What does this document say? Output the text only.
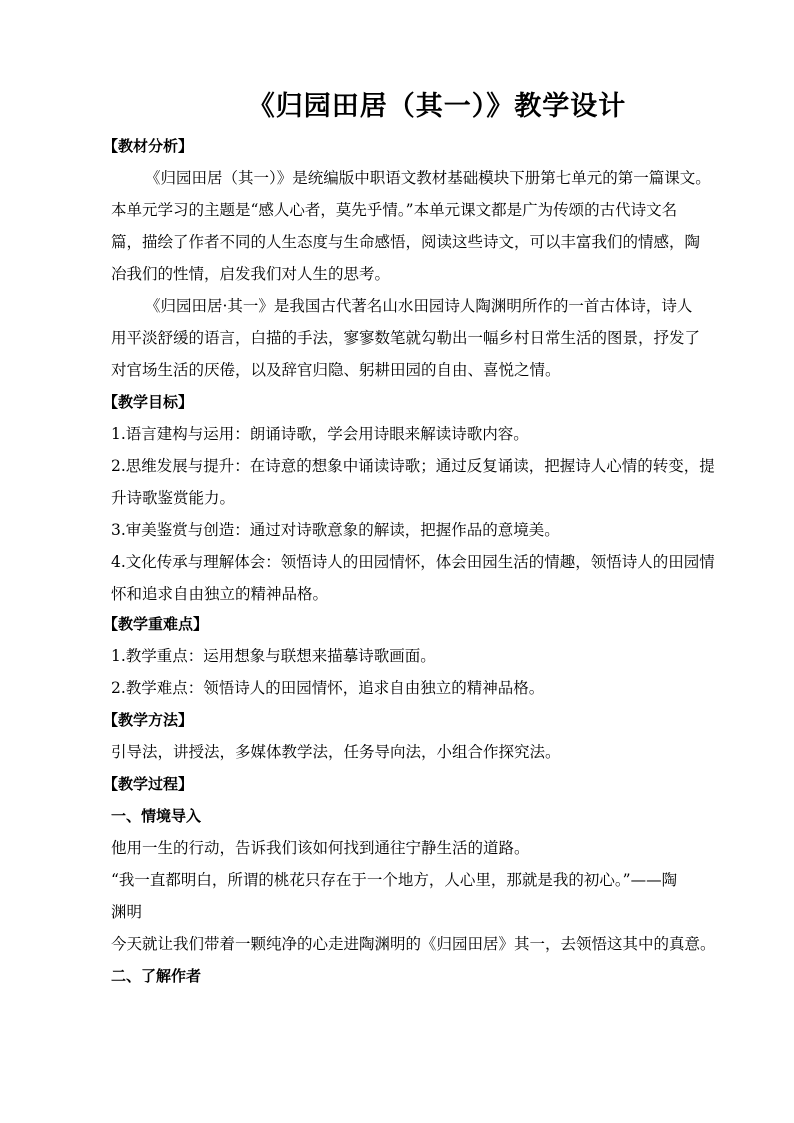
《归园田居（其一）》教学设计
【教材分析】
《归园田居（其一）》是统编版中职语文教材基础模块下册第七单元的第一篇课文。
本单元学习的主题是“感人心者，莫先乎情。”本单元课文都是广为传颂的古代诗文名
篇，描绘了作者不同的人生态度与生命感悟，阅读这些诗文，可以丰富我们的情感，陶
冶我们的性情，启发我们对人生的思考。
《归园田居·其一》是我国古代著名山水田园诗人陶渊明所作的一首古体诗，诗人
用平淡舒缓的语言，白描的手法，寥寥数笔就勾勒出一幅乡村日常生活的图景，抒发了
对官场生活的厌倦，以及辞官归隐、躬耕田园的自由、喜悦之情。
【教学目标】
1.语言建构与运用：朗诵诗歌，学会用诗眼来解读诗歌内容。
2.思维发展与提升：在诗意的想象中诵读诗歌；通过反复诵读，把握诗人心情的转变，提
升诗歌鉴赏能力。
3.审美鉴赏与创造：通过对诗歌意象的解读，把握作品的意境美。
4.文化传承与理解体会：领悟诗人的田园情怀，体会田园生活的情趣，领悟诗人的田园情
怀和追求自由独立的精神品格。
【教学重难点】
1.教学重点：运用想象与联想来描摹诗歌画面。
2.教学难点：领悟诗人的田园情怀，追求自由独立的精神品格。
【教学方法】
引导法，讲授法，多媒体教学法，任务导向法，小组合作探究法。
【教学过程】
一、情境导入
他用一生的行动，告诉我们该如何找到通往宁静生活的道路。
“我一直都明白，所谓的桃花只存在于一个地方，人心里，那就是我的初心。”——陶
渊明
今天就让我们带着一颗纯净的心走进陶渊明的《归园田居》其一，去领悟这其中的真意。
二、了解作者
